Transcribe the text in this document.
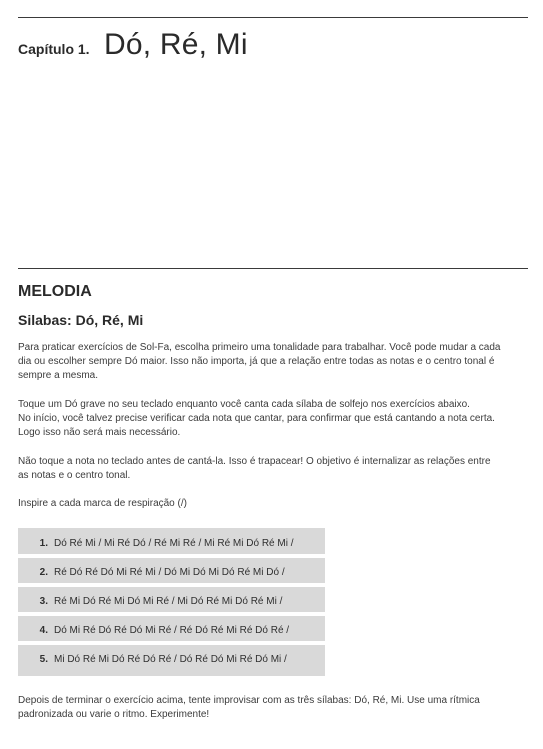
Capítulo 1. Dó, Ré, Mi
MELODIA
Silabas: Dó, Ré, Mi

Para praticar exercícios de Sol-Fa, escolha primeiro uma tonalidade para trabalhar. Você pode mudar a cada
dia ou escolher sempre Dó maior. Isso não importa, já que a relação entre todas as notas e o centro tonal é
sempre a mesma.

Toque um Dó grave no seu teclado enquanto você canta cada sílaba de solfejo nos exercícios abaixo.
No início, você talvez precise verificar cada nota que cantar, para confirmar que está cantando a nota certa.
Logo isso não será mais necessário.

Não toque a nota no teclado antes de cantá-la. Isso é trapacear! O objetivo é internalizar as relações entre
as notas e o centro tonal.

Inspire a cada marca de respiração (/)

1. Dó Ré Mi / Mi Ré Dó / Ré Mi Ré / Mi Ré Mi Dó Ré Mi /
2. Ré Dó Ré Dó Mi Ré Mi / Dó Mi Dó Mi Dó Ré Mi Dó /
3. Ré Mi Dó Ré Mi Dó Mi Ré / Mi Dó Ré Mi Dó Ré Mi /
4. Dó Mi Ré Dó Ré Dó Mi Ré / Ré Dó Ré Mi Ré Dó Ré /
5. Mi Dó Ré Mi Dó Ré Dó Ré / Dó Ré Dó Mi Ré Dó Mi /

Depois de terminar o exercício acima, tente improvisar com as três sílabas: Dó, Ré, Mi. Use uma rítmica
padronizada ou varie o ritmo. Experimente!
